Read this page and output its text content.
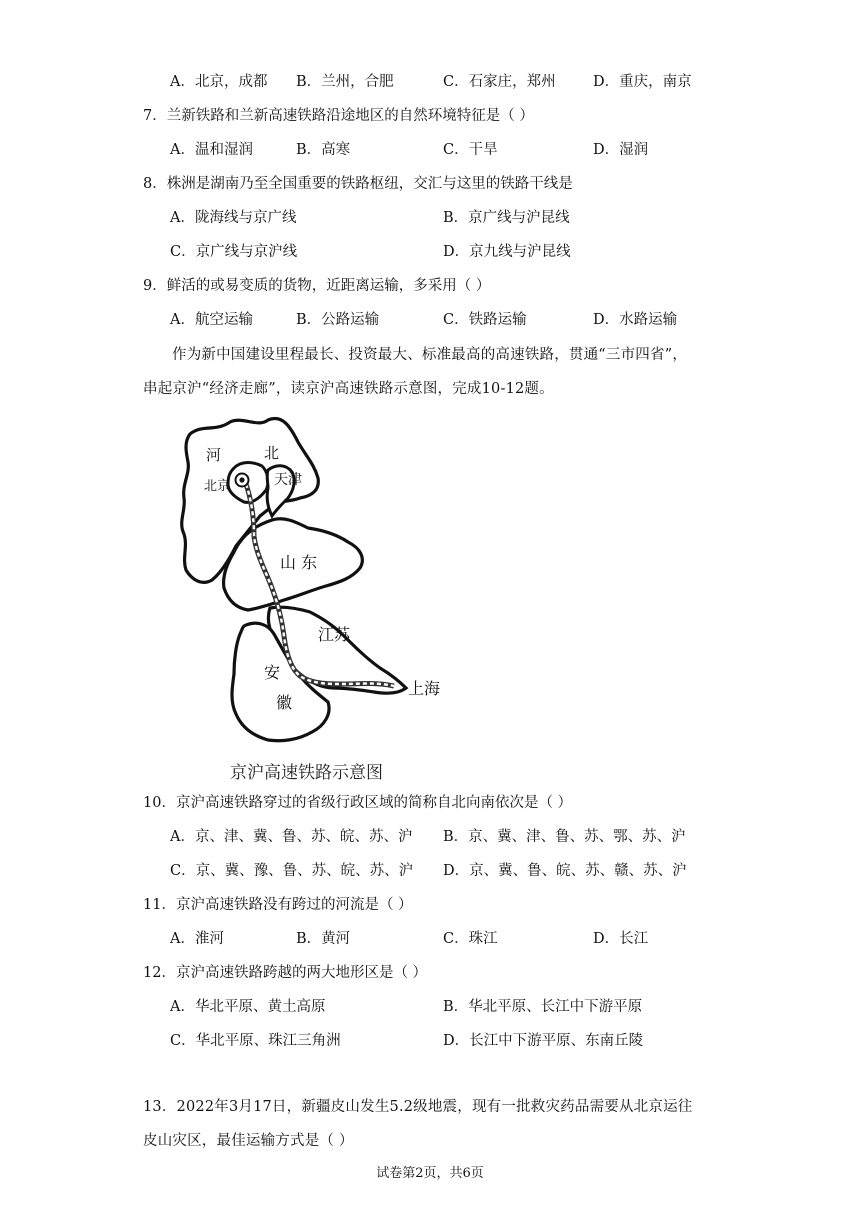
A．北京，成都 B．兰州，合肥	C．石家庄，郑州	D．重庆，南京
7．兰新铁路和兰新高速铁路沿途地区的自然环境特征是（ ）
A．温和湿润	B．高寒	C．干旱	D．湿润
8．株洲是湖南乃至全国重要的铁路枢纽，交汇与这里的铁路干线是
A．陇海线与京广线	B．京广线与沪昆线
C．京广线与京沪线	D．京九线与沪昆线
9．鲜活的或易变质的货物，近距离运输，多采用（ ）
A．航空运输	B．公路运输	C．铁路运输	D．水路运输
作为新中国建设里程最长、投资最大、标准最高的高速铁路，贯通“三市四省”，
串起京沪“经济走廊”，读京沪高速铁路示意图，完成10-12题。
河	北
天津
北京
山 东
江苏
安
徽
上海
京沪高速铁路示意图
10．京沪高速铁路穿过的省级行政区域的简称自北向南依次是（ ）
A．京、津、冀、鲁、苏、皖、苏、沪 B．京、冀、津、鲁、苏、鄂、苏、沪
C．京、冀、豫、鲁、苏、皖、苏、沪 D．京、冀、鲁、皖、苏、赣、苏、沪
11．京沪高速铁路没有跨过的河流是（ ）
A．淮河	B．黄河	C．珠江	D．长江
12．京沪高速铁路跨越的两大地形区是（ ）
A．华北平原、黄土高原	B．华北平原、长江中下游平原
C．华北平原、珠江三角洲	D．长江中下游平原、东南丘陵
13．2022年3月17日，新疆皮山发生5.2级地震，现有一批救灾药品需要从北京运往
皮山灾区，最佳运输方式是（ ）
试卷第2页，共6页
